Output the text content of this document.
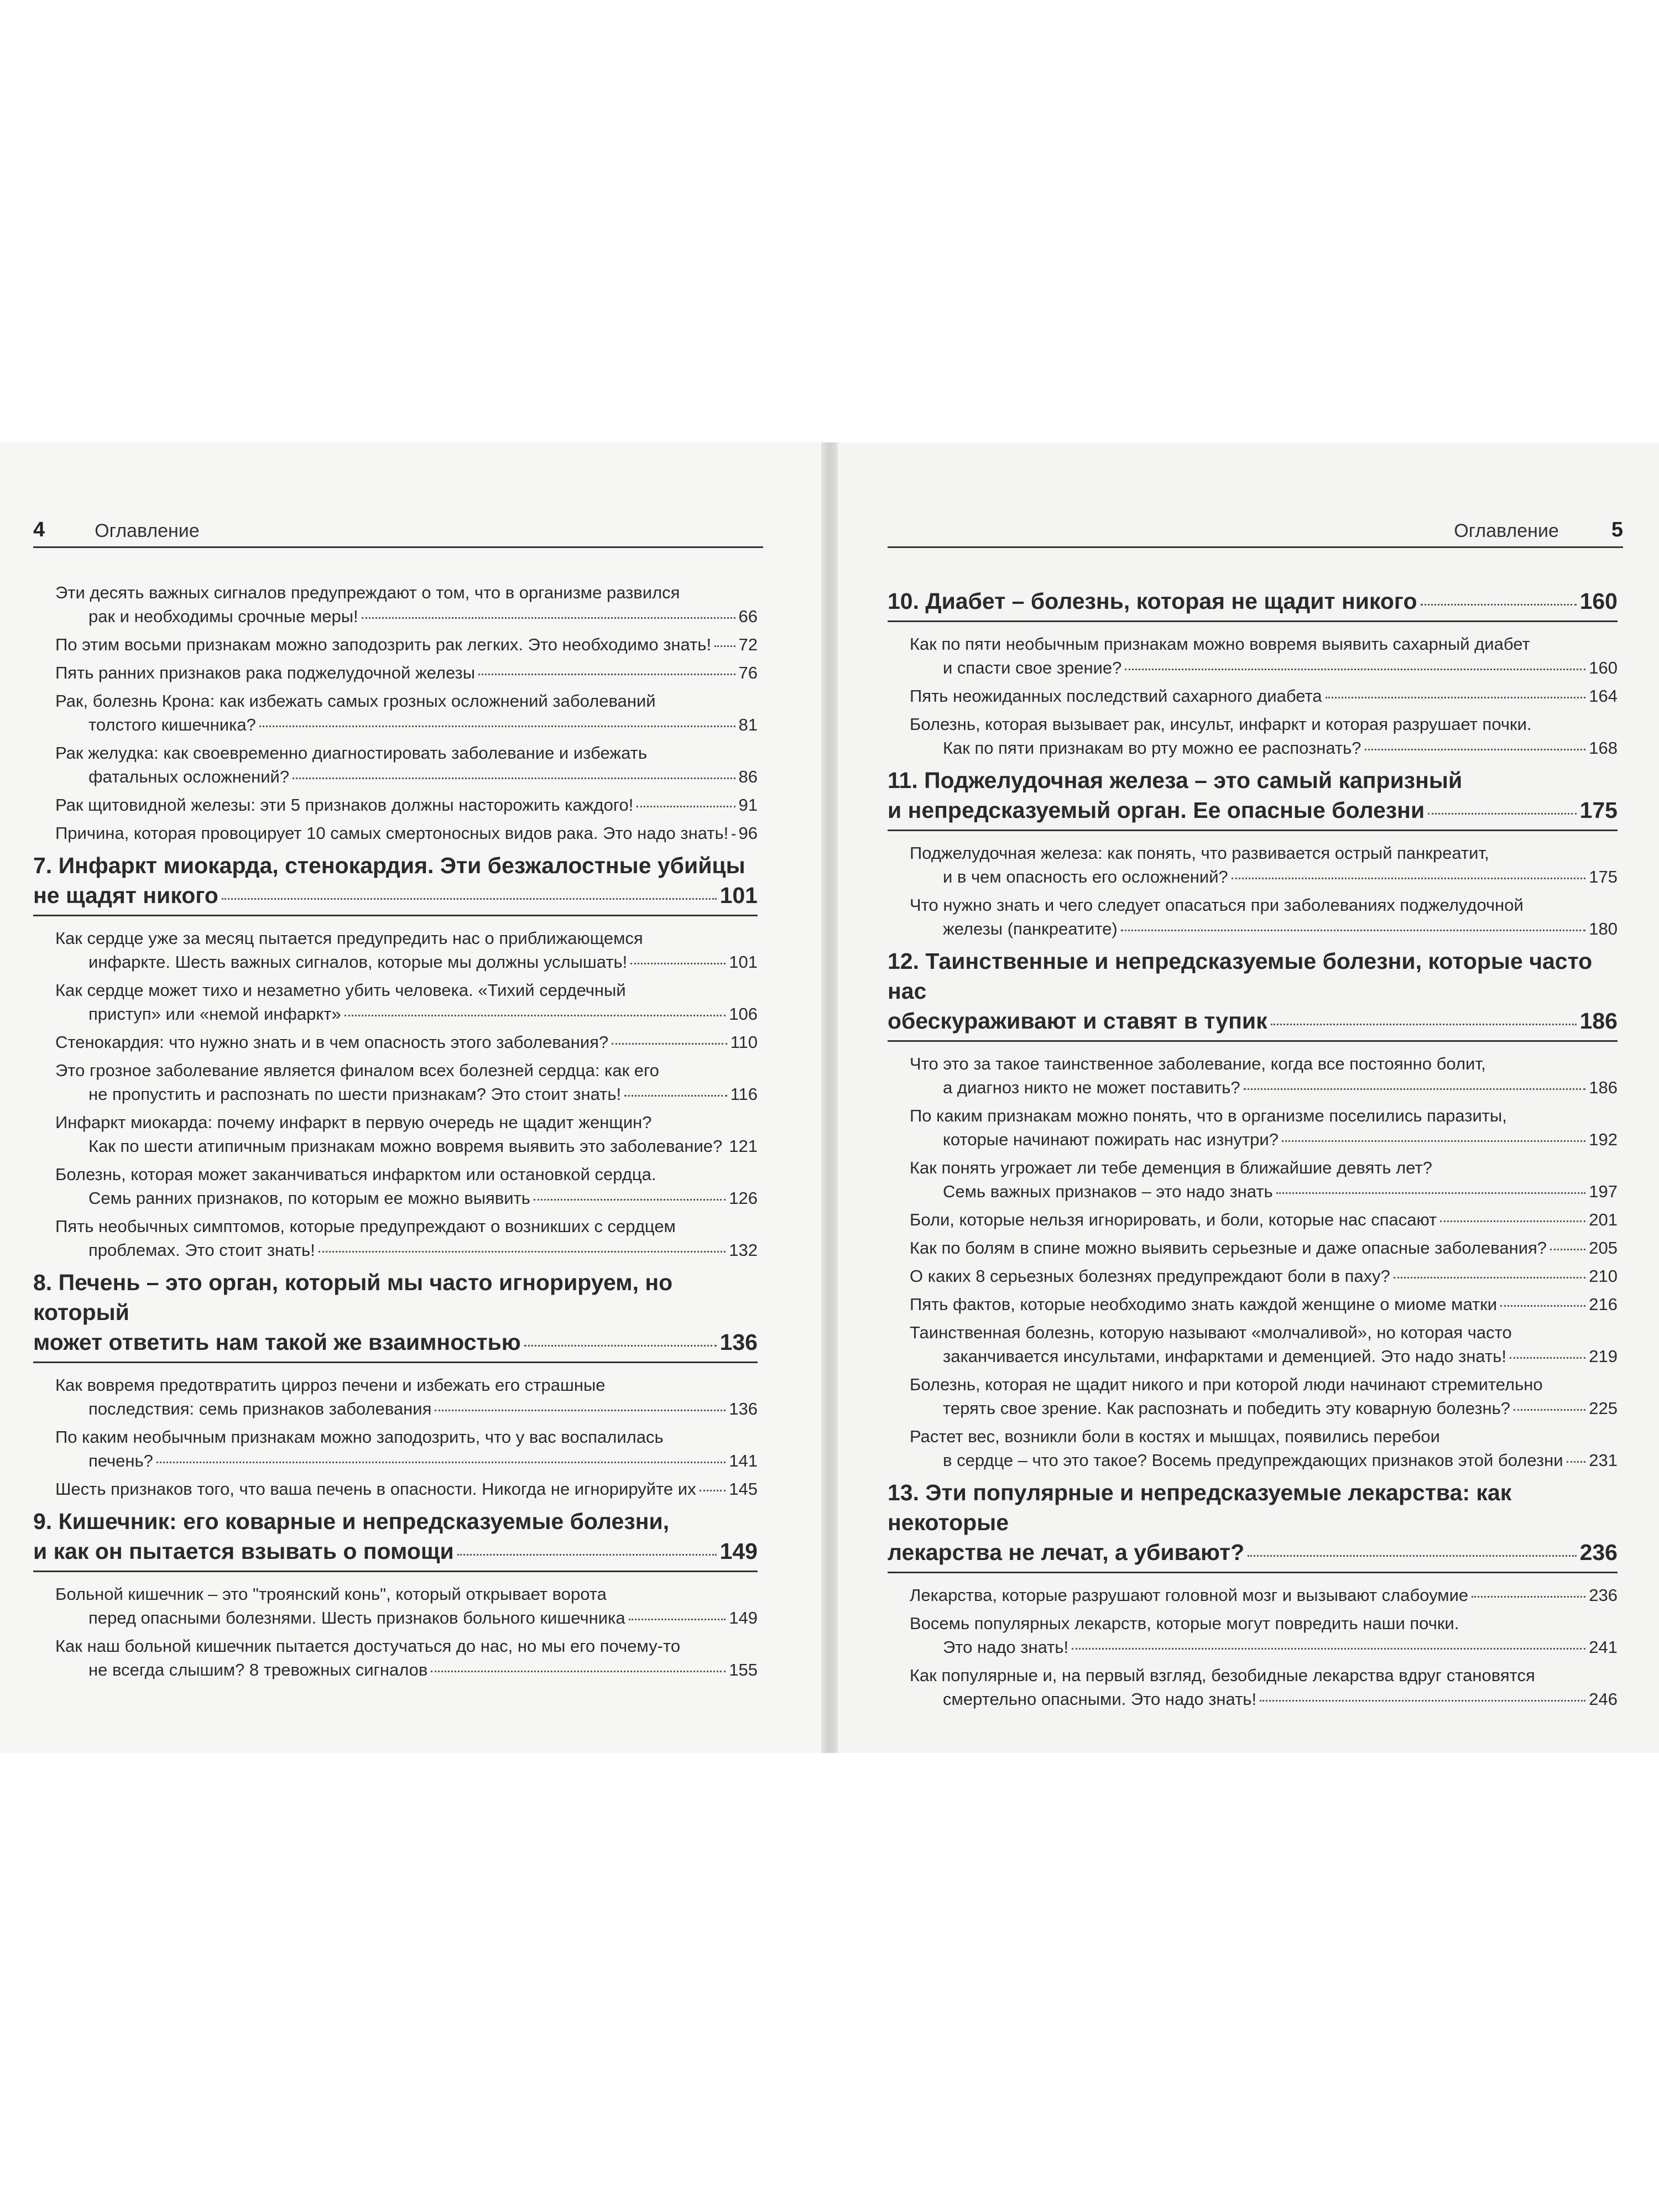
4	Оглавление
Эти десять важных сигналов предупреждают о том, что в организме развился
рак и необходимы срочные меры!	66
По этим восьми признакам можно заподозрить рак легких. Это необходимо знать! 72
Пять ранних признаков рака поджелудочной железы	76
Рак, болезнь Крона: как избежать самых грозных осложнений заболеваний
толстого кишечника?	81
Рак желудка: как своевременно диагностировать заболевание и избежать
фатальных осложнений?	86
Рак щитовидной железы: эти 5 признаков должны насторожить каждого!	91
Причина, которая провоцирует 10 самых смертоносных видов рака. Это надо знать! 96
7. Инфаркт миокарда, стенокардия. Эти безжалостные убийцы
не щадят никого	101
Как сердце уже за месяц пытается предупредить нас о приближающемся
инфаркте. Шесть важных сигналов, которые мы должны услышать!	101
Как сердце может тихо и незаметно убить человека. «Тихий сердечный
приступ» или «немой инфаркт»	106
Стенокардия: что нужно знать и в чем опасность этого заболевания?	110
Это грозное заболевание является финалом всех болезней сердца: как его
не пропустить и распознать по шести признакам? Это стоит знать!	116
Инфаркт миокарда: почему инфаркт в первую очередь не щадит женщин?
Как по шести атипичным признакам можно вовремя выявить это заболевание? 121
Болезнь, которая может заканчиваться инфарктом или остановкой сердца.
Семь ранних признаков, по которым ее можно выявить	126
Пять необычных симптомов, которые предупреждают о возникших с сердцем
проблемах. Это стоит знать!	132
8. Печень – это орган, который мы часто игнорируем, но который
может ответить нам такой же взаимностью	136
Как вовремя предотвратить цирроз печени и избежать его страшные
последствия: семь признаков заболевания	136
По каким необычным признакам можно заподозрить, что у вас воспалилась
печень?	141
Шесть признаков того, что ваша печень в опасности. Никогда не игнорируйте их 145
9. Кишечник: его коварные и непредсказуемые болезни,
и как он пытается взывать о помощи	149
Больной кишечник – это "троянский конь", который открывает ворота
перед опасными болезнями. Шесть признаков больного кишечника	149
Как наш больной кишечник пытается достучаться до нас, но мы его почему-то
не всегда слышим? 8 тревожных сигналов	155
Оглавление	5
10. Диабет – болезнь, которая не щадит никого	160
Как по пяти необычным признакам можно вовремя выявить сахарный диабет
и спасти свое зрение?	160
Пять неожиданных последствий сахарного диабета	164
Болезнь, которая вызывает рак, инсульт, инфаркт и которая разрушает почки.
Как по пяти признакам во рту можно ее распознать?	168
11. Поджелудочная железа – это самый капризный
и непредсказуемый орган. Ее опасные болезни	175
Поджелудочная железа: как понять, что развивается острый панкреатит,
и в чем опасность его осложнений?	175
Что нужно знать и чего следует опасаться при заболеваниях поджелудочной
железы (панкреатите)	180
12. Таинственные и непредсказуемые болезни, которые часто нас
обескураживают и ставят в тупик	186
Что это за такое таинственное заболевание, когда все постоянно болит,
а диагноз никто не может поставить?	186
По каким признакам можно понять, что в организме поселились паразиты,
которые начинают пожирать нас изнутри?	192
Как понять угрожает ли тебе деменция в ближайшие девять лет?
Семь важных признаков – это надо знать	197
Боли, которые нельзя игнорировать, и боли, которые нас спасают	201
Как по болям в спине можно выявить серьезные и даже опасные заболевания? 205
О каких 8 серьезных болезнях предупреждают боли в паху?	210
Пять фактов, которые необходимо знать каждой женщине о миоме матки	216
Таинственная болезнь, которую называют «молчаливой», но которая часто
заканчивается инсультами, инфарктами и деменцией. Это надо знать!	219
Болезнь, которая не щадит никого и при которой люди начинают стремительно
терять свое зрение. Как распознать и победить эту коварную болезнь?	225
Растет вес, возникли боли в костях и мышцах, появились перебои
в сердце – что это такое? Восемь предупреждающих признаков этой болезни 231
13. Эти популярные и непредсказуемые лекарства: как некоторые
лекарства не лечат, а убивают?	236
Лекарства, которые разрушают головной мозг и вызывают слабоумие	236
Восемь популярных лекарств, которые могут повредить наши почки.
Это надо знать!	241
Как популярные и, на первый взгляд, безобидные лекарства вдруг становятся
смертельно опасными. Это надо знать!	246
